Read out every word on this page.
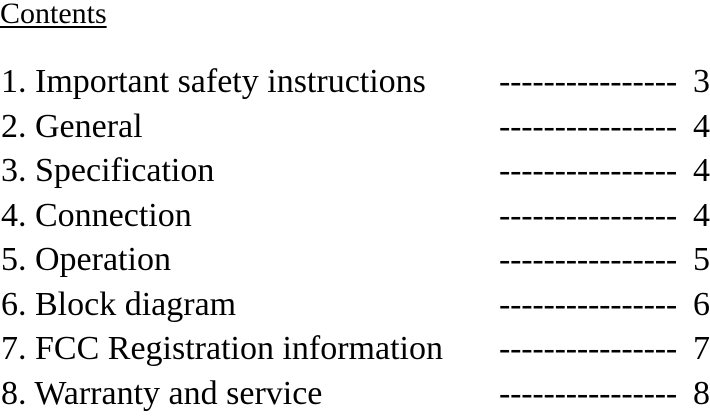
Contents
1. Important safety instructions ---------------- 3
2. General	---------------- 4
3. Specification	---------------- 4
4. Connection	---------------- 4
5. Operation	---------------- 5
6. Block diagram	---------------- 6
7. FCC Registration information ---------------- 7
8. Warranty and service	---------------- 8
